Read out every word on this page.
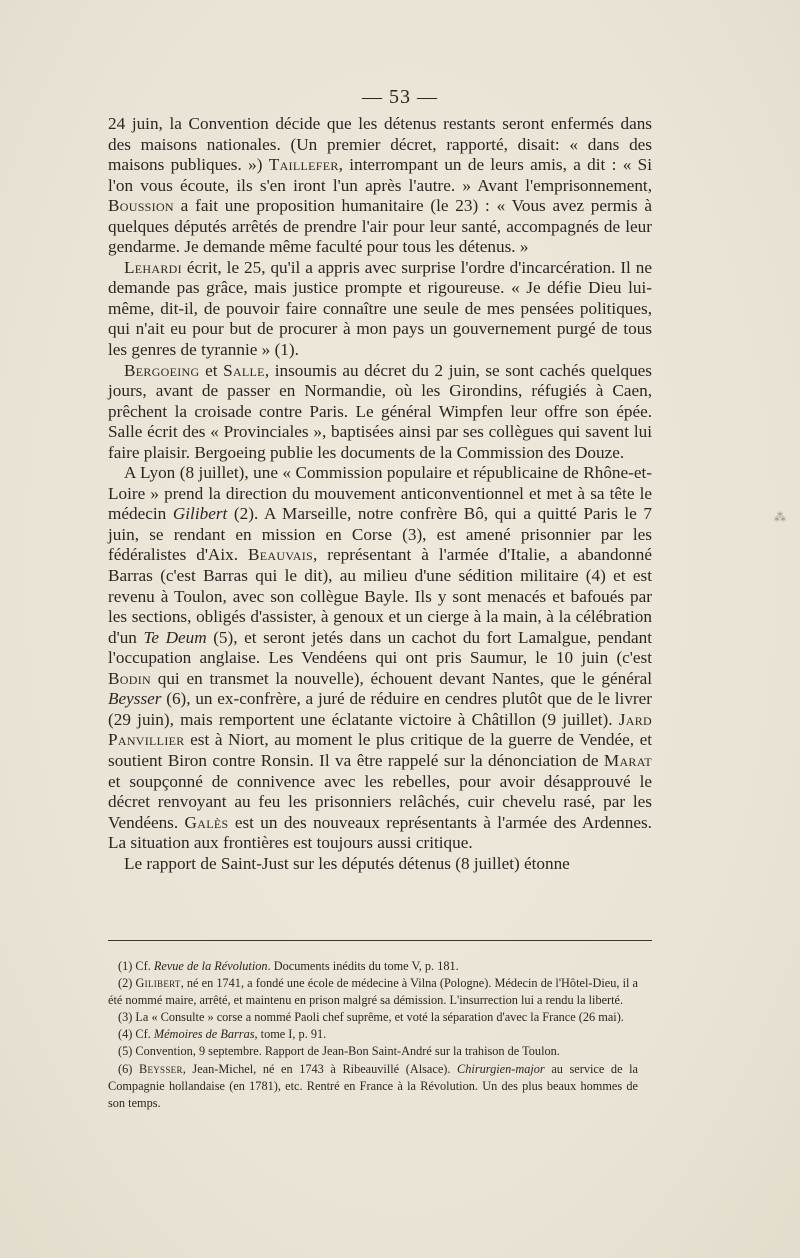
— 53 —

24 juin, la Convention décide que les détenus restants seront enfermés dans des maisons nationales. (Un premier décret, rapporté, disait: « dans des maisons publiques. ») Taillefer, interrompant un de leurs amis, a dit : « Si l'on vous écoute, ils s'en iront l'un après l'autre. » Avant l'emprisonnement, Boussion a fait une proposition humanitaire (le 23) : « Vous avez permis à quelques députés arrêtés de prendre l'air pour leur santé, accompagnés de leur gendarme. Je demande même faculté pour tous les détenus. »

Lehardi écrit, le 25, qu'il a appris avec surprise l'ordre d'incarcération. Il ne demande pas grâce, mais justice prompte et rigoureuse. « Je défie Dieu lui-même, dit-il, de pouvoir faire connaître une seule de mes pensées politiques, qui n'ait eu pour but de procurer à mon pays un gouvernement purgé de tous les genres de tyrannie » (1).

Bergoeing et Salle, insoumis au décret du 2 juin, se sont cachés quelques jours, avant de passer en Normandie, où les Girondins, réfugiés à Caen, prêchent la croisade contre Paris. Le général Wimpfen leur offre son épée. Salle écrit des « Provinciales », baptisées ainsi par ses collègues qui savent lui faire plaisir. Bergoeing publie les documents de la Commission des Douze.

A Lyon (8 juillet), une « Commission populaire et républicaine de Rhône-et-Loire » prend la direction du mouvement anticonventionnel et met à sa tête le médecin Gilibert (2). A Marseille, notre confrère Bô, qui a quitté Paris le 7 juin, se rendant en mission en Corse (3), est amené prisonnier par les fédéralistes d'Aix. Beauvais, représentant à l'armée d'Italie, a abandonné Barras (c'est Barras qui le dit), au milieu d'une sédition militaire (4) et est revenu à Toulon, avec son collègue Bayle. Ils y sont menacés et bafoués par les sections, obligés d'assister, à genoux et un cierge à la main, à la célébration d'un Te Deum (5), et seront jetés dans un cachot du fort Lamalgue, pendant l'occupation anglaise. Les Vendéens qui ont pris Saumur, le 10 juin (c'est Bodin qui en transmet la nouvelle), échouent devant Nantes, que le général Beysser (6), un ex-confrère, a juré de réduire en cendres plutôt que de le livrer (29 juin), mais remportent une éclatante victoire à Châtillon (9 juillet). Jard Panvillier est à Niort, au moment le plus critique de la guerre de Vendée, et soutient Biron contre Ronsin. Il va être rappelé sur la dénonciation de Marat et soupçonné de connivence avec les rebelles, pour avoir désapprouvé le décret renvoyant au feu les prisonniers relâchés, cuir chevelu rasé, par les Vendéens. Galès est un des nouveaux représentants à l'armée des Ardennes. La situation aux frontières est toujours aussi critique.

Le rapport de Saint-Just sur les députés détenus (8 juillet) étonne

(1) Cf. Revue de la Révolution. Documents inédits du tome V, p. 181.

(2) Gilibert, né en 1741, a fondé une école de médecine à Vilna (Pologne). Médecin de l'Hôtel-Dieu, il a été nommé maire, arrêté, et maintenu en prison malgré sa démission. L'insurrection lui a rendu la liberté.

(3) La « Consulte » corse a nommé Paoli chef suprême, et voté la séparation d'avec la France (26 mai).

(4) Cf. Mémoires de Barras, tome I, p. 91.

(5) Convention, 9 septembre. Rapport de Jean-Bon Saint-André sur la trahison de Toulon.

(6) Beysser, Jean-Michel, né en 1743 à Ribeauvillé (Alsace). Chirurgien-major au service de la Compagnie hollandaise (en 1781), etc. Rentré en France à la Révolution. Un des plus beaux hommes de son temps.

⁂
